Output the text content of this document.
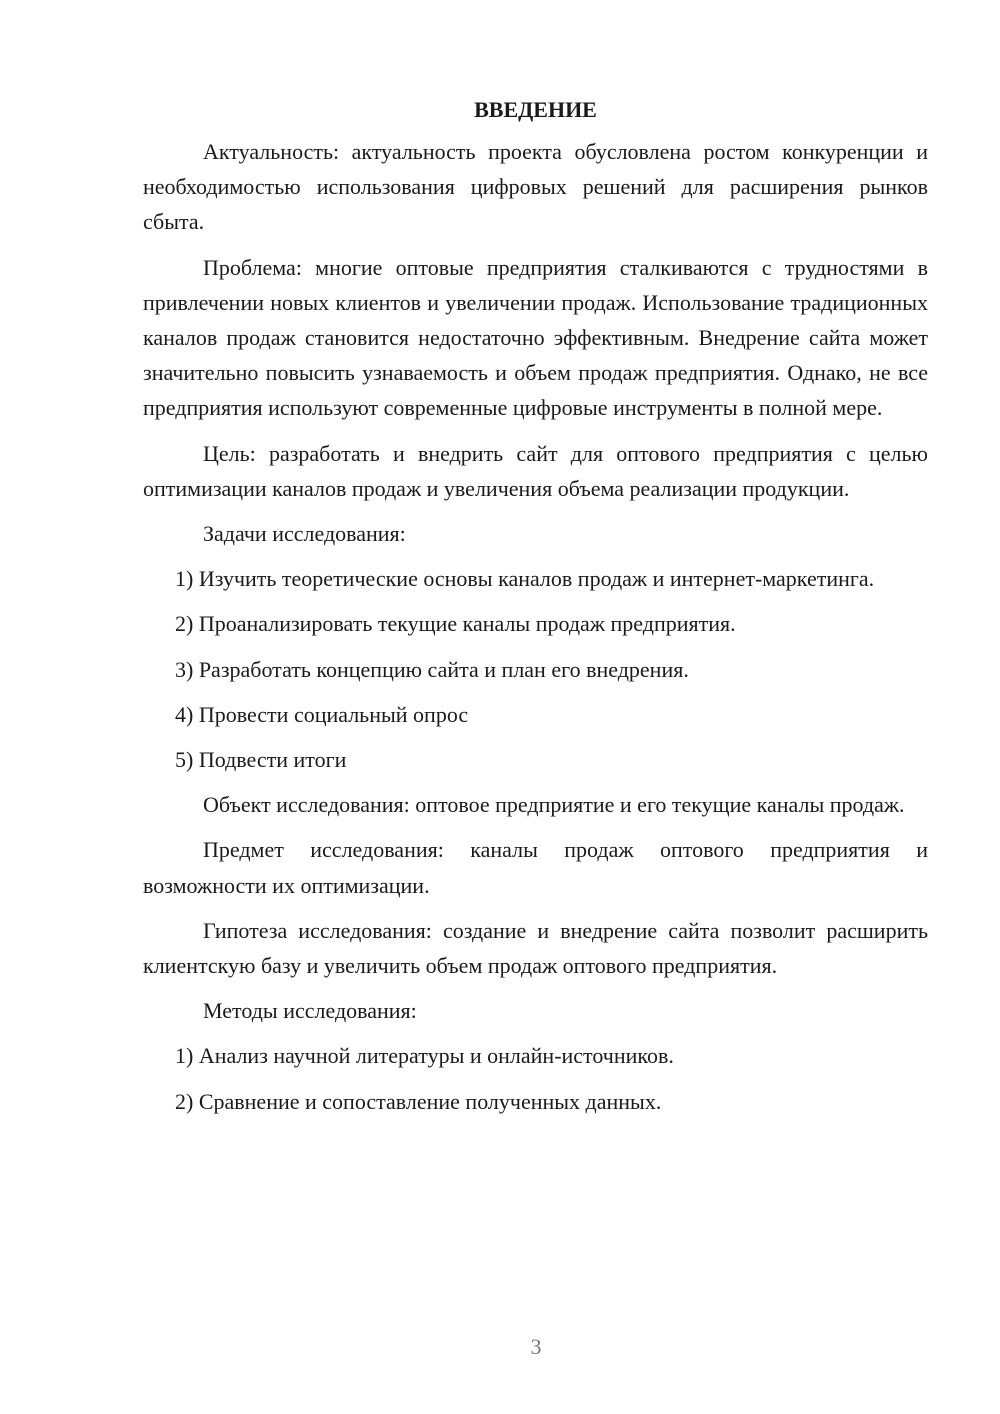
ВВЕДЕНИЕ

Актуальность: актуальность проекта обусловлена ростом конкуренции и необходимостью использования цифровых решений для расширения рынков сбыта.

Проблема: многие оптовые предприятия сталкиваются с трудностями в привлечении новых клиентов и увеличении продаж. Использование традиционных каналов продаж становится недостаточно эффективным. Внедрение сайта может значительно повысить узнаваемость и объем продаж предприятия. Однако, не все предприятия используют современные цифровые инструменты в полной мере.

Цель: разработать и внедрить сайт для оптового предприятия с целью оптимизации каналов продаж и увеличения объема реализации продукции.

Задачи исследования:

1) Изучить теоретические основы каналов продаж и интернет-маркетинга.

2) Проанализировать текущие каналы продаж предприятия.

3) Разработать концепцию сайта и план его внедрения.

4) Провести социальный опрос

5) Подвести итоги

Объект исследования: оптовое предприятие и его текущие каналы продаж.

Предмет исследования: каналы продаж оптового предприятия и возможности их оптимизации.

Гипотеза исследования: создание и внедрение сайта позволит расширить клиентскую базу и увеличить объем продаж оптового предприятия.

Методы исследования:

1) Анализ научной литературы и онлайн-источников.

2) Сравнение и сопоставление полученных данных.

3
